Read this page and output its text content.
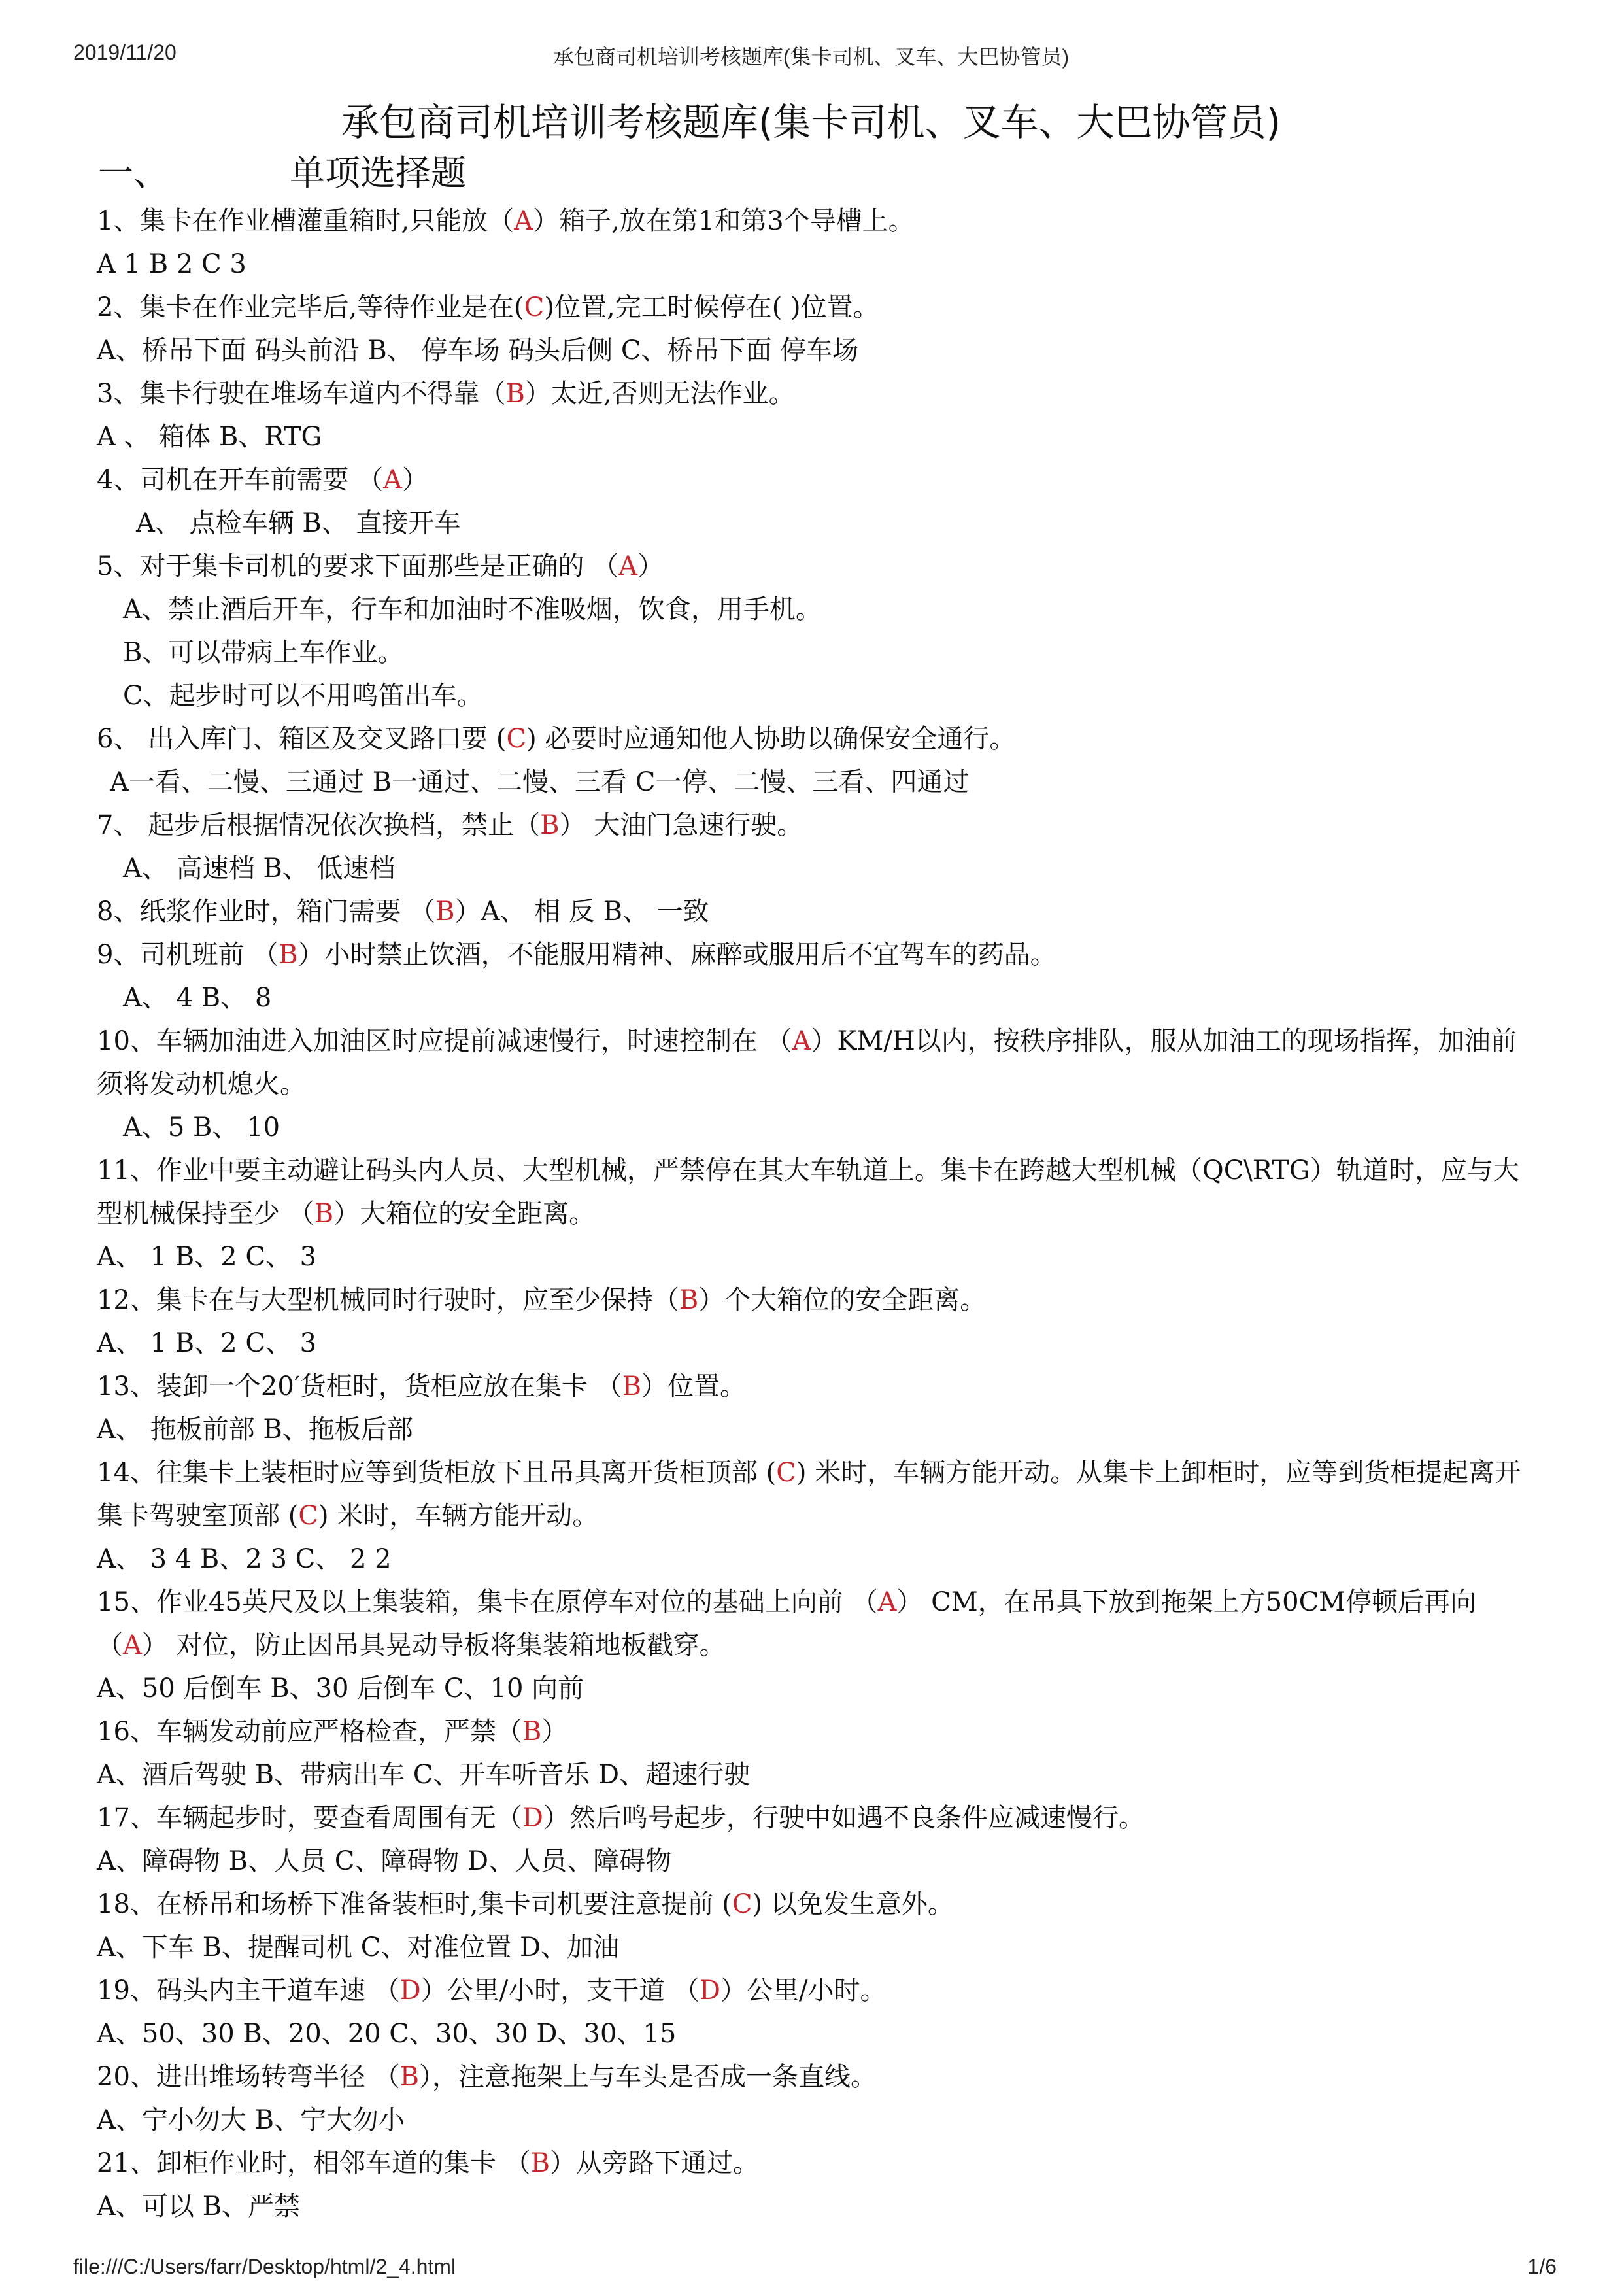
2019/11/20	承包商司机培训考核题库(集卡司机、叉车、大巴协管员)
承包商司机培训考核题库(集卡司机、叉车、大巴协管员)
一、	单项选择题
1、集卡在作业槽灌重箱时,只能放（A）箱子,放在第1和第3个导槽上。
A 1 B 2 C 3
2、集卡在作业完毕后,等待作业是在(C)位置,完工时候停在( )位置。
A、桥吊下面 码头前沿 B、 停车场 码头后侧 C、桥吊下面 停车场
3、集卡行驶在堆场车道内不得靠（B）太近,否则无法作业。
A 、 箱体 B、RTG
4、司机在开车前需要 （A）
A、 点检车辆 B、 直接开车
5、对于集卡司机的要求下面那些是正确的 （A）
A、禁止酒后开车，行车和加油时不准吸烟，饮食，用手机。
B、可以带病上车作业。
C、起步时可以不用鸣笛出车。
6、 出入库门、箱区及交叉路口要 (C) 必要时应通知他人协助以确保安全通行。
A一看、二慢、三通过 B一通过、二慢、三看 C一停、二慢、三看、四通过
7、 起步后根据情况依次换档，禁止（B） 大油门急速行驶。
A、 高速档 B、 低速档
8、纸浆作业时，箱门需要 （B）A、 相 反 B、 一致
9、司机班前 （B）小时禁止饮酒，不能服用精神、麻醉或服用后不宜驾车的药品。
A、 4 B、 8
10、车辆加油进入加油区时应提前减速慢行，时速控制在 （A）KM/H以内，按秩序排队，服从加油工的现场指挥，加油前须将发动机熄火。
A、5 B、 10
11、作业中要主动避让码头内人员、大型机械，严禁停在其大车轨道上。集卡在跨越大型机械（QC\RTG）轨道时，应与大型机械保持至少 （B）大箱位的安全距离。
A、 1 B、2 C、 3
12、集卡在与大型机械同时行驶时，应至少保持（B）个大箱位的安全距离。
A、 1 B、2 C、 3
13、装卸一个20′货柜时，货柜应放在集卡 （B）位置。
A、 拖板前部 B、拖板后部
14、往集卡上装柜时应等到货柜放下且吊具离开货柜顶部 (C) 米时，车辆方能开动。从集卡上卸柜时，应等到货柜提起离开集卡驾驶室顶部 (C) 米时，车辆方能开动。
A、 3 4 B、2 3 C、 2 2
15、作业45英尺及以上集装箱，集卡在原停车对位的基础上向前 （A） CM，在吊具下放到拖架上方50CM停顿后再向 （A） 对位，防止因吊具晃动导板将集装箱地板戳穿。
A、50 后倒车 B、30 后倒车 C、10 向前
16、车辆发动前应严格检查，严禁（B）
A、酒后驾驶 B、带病出车 C、开车听音乐 D、超速行驶
17、车辆起步时，要查看周围有无（D）然后鸣号起步，行驶中如遇不良条件应减速慢行。
A、障碍物 B、人员 C、障碍物 D、人员、障碍物
18、在桥吊和场桥下准备装柜时,集卡司机要注意提前 (C) 以免发生意外。
A、下车 B、提醒司机 C、对准位置 D、加油
19、码头内主干道车速 （D）公里/小时，支干道 （D）公里/小时。
A、50、30 B、20、20 C、30、30 D、30、15
20、进出堆场转弯半径 （B），注意拖架上与车头是否成一条直线。
A、宁小勿大 B、宁大勿小
21、卸柜作业时，相邻车道的集卡 （B）从旁路下通过。
A、可以 B、严禁
file:///C:/Users/farr/Desktop/html/2_4.html	1/6
